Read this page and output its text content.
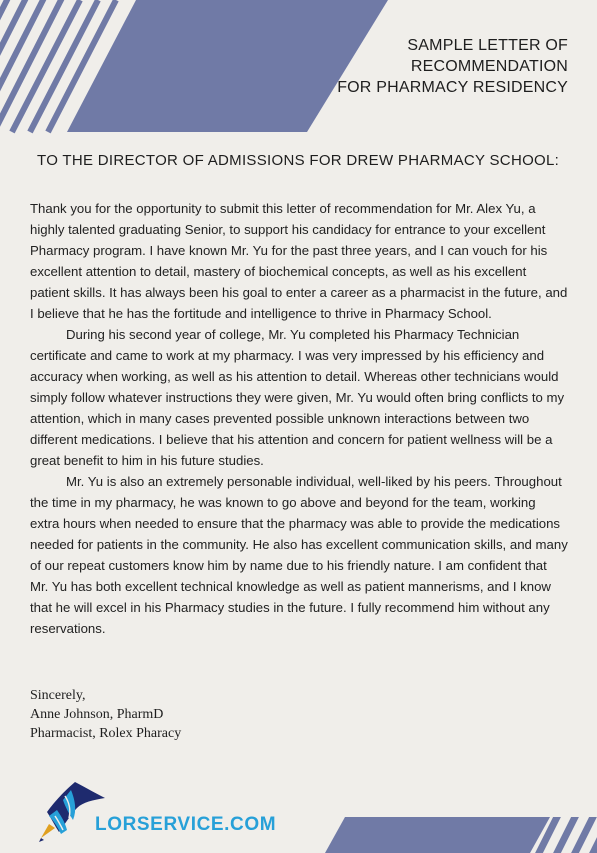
SAMPLE LETTER OF
RECOMMENDATION
FOR PHARMACY RESIDENCY
TO THE DIRECTOR OF ADMISSIONS FOR DREW PHARMACY SCHOOL:

Thank you for the opportunity to submit this letter of recommendation for Mr. Alex Yu, a highly talented graduating Senior, to support his candidacy for entrance to your excellent Pharmacy program. I have known Mr. Yu for the past three years, and I can vouch for his excellent attention to detail, mastery of biochemical concepts, as well as his excellent patient skills. It has always been his goal to enter a career as a pharmacist in the future, and I believe that he has the fortitude and intelligence to thrive in Pharmacy School.

During his second year of college, Mr. Yu completed his Pharmacy Technician certificate and came to work at my pharmacy. I was very impressed by his efficiency and accuracy when working, as well as his attention to detail. Whereas other technicians would simply follow whatever instructions they were given, Mr. Yu would often bring conflicts to my attention, which in many cases prevented possible unknown interactions between two different medications. I believe that his attention and concern for patient wellness will be a great benefit to him in his future studies.

Mr. Yu is also an extremely personable individual, well-liked by his peers. Throughout the time in my pharmacy, he was known to go above and beyond for the team, working extra hours when needed to ensure that the pharmacy was able to provide the medications needed for patients in the community. He also has excellent communication skills, and many of our repeat customers know him by name due to his friendly nature. I am confident that Mr. Yu has both excellent technical knowledge as well as patient mannerisms, and I know that he will excel in his Pharmacy studies in the future. I fully recommend him without any reservations.

Sincerely,
Anne Johnson, PharmD
Pharmacist, Rolex Pharacy
LORSERVICE.COM
